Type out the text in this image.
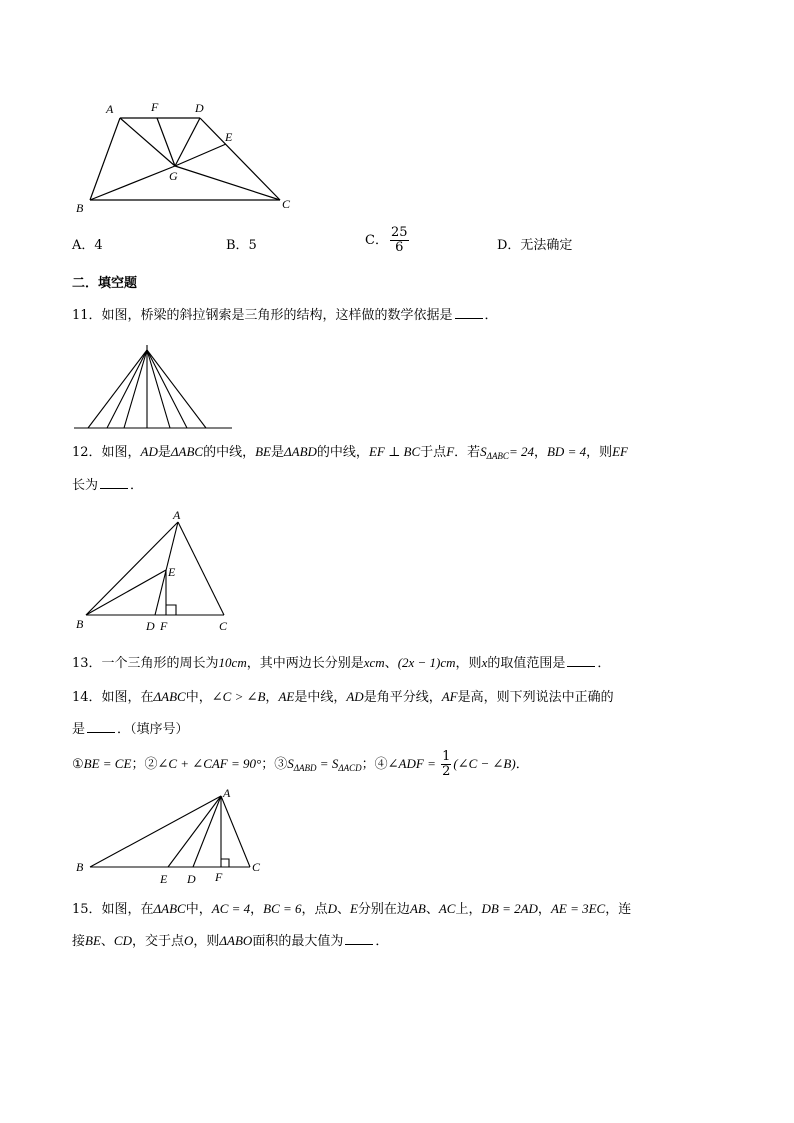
A	F	D
E
G
B	C
A．4	B．5	C． $\frac{25}{6}$	D．无法确定
二．填空题
11．如图，桥梁的斜拉钢索是三角形的结构，这样做的数学依据是 ．
12．如图，AD是ΔABC的中线，BE是ΔABD的中线，EF ⊥ BC于点F．若$S_{\Delta ABC}= 24$，BD = 4，则EF
长为 ．
A
E
B	D F	C
13．一个三角形的周长为10cm，其中两边长分别是xcm、(2x − 1)cm，则x的取值范围是 ．
14．如图，在ΔABC中，∠C > ∠B，AE是中线，AD是角平分线，AF是高，则下列说法中正确的
是 ．（填序号）
①BE = CE；②∠C + ∠CAF = 90°；$③S_{\Delta ABD} = S_{\Delta ACD}$；④∠ADF = $\frac{1}{2}$ (∠C − ∠B)．
A
B
E D F
C
15．如图，在ΔABC中，AC = 4，BC = 6，点D、E分别在边AB、AC上，DB = 2AD，AE = 3EC，连
接BE、CD，交于点O，则ΔABO面积的最大值为 ．
